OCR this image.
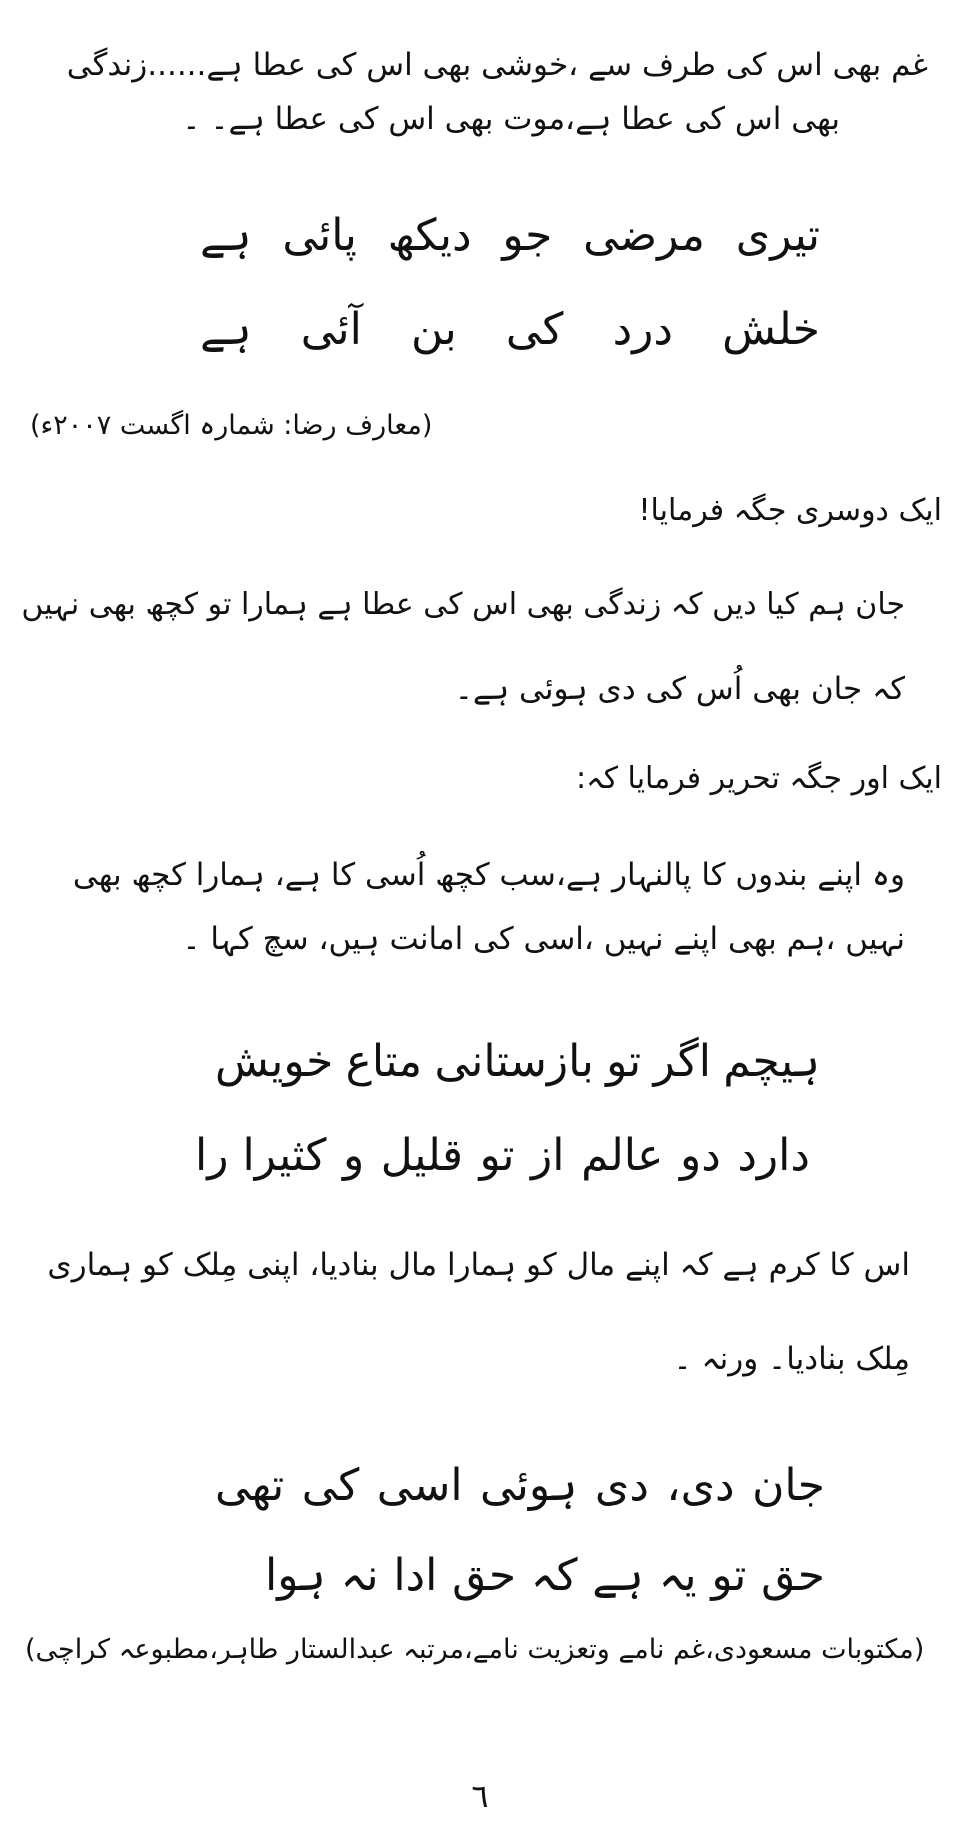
غم بھی اس کی طرف سے ،خوشی بھی اس کی عطا ہے......زندگی
بھی اس کی عطا ہے،موت بھی اس کی عطا ہے۔ ۔
تیری
مرضی
جو
دیکھ
پائی
ہے
خلش
درد
کی
بن
آئی
ہے
(معارف رضا: شمارہ اگست ۲۰۰۷ء)
ایک دوسری جگہ فرمایا!
جان ہم کیا دیں کہ زندگی بھی اس کی عطا ہے ہمارا تو کچھ بھی نہیں
کہ جان بھی اُس کی دی ہوئی ہے۔
ایک اور جگہ تحریر فرمایا کہ:
وہ اپنے بندوں کا پالنہار ہے،سب کچھ اُسی کا ہے، ہمارا کچھ بھی
نہیں ،ہم بھی اپنے نہیں ،اسی کی امانت ہیں، سچ کہا ۔
ہیچم
اگر
تو
بازستانی
متاع
خویش
دارد
دو
عالم
از
تو
قلیل
و
کثیرا را
اس کا کرم ہے کہ اپنے مال کو ہمارا مال بنادیا، اپنی مِلک کو ہماری
مِلک بنادیا۔ ورنہ ۔
جان
دی،
دی
ہوئی
اسی
کی
تھی
حق
تو
یہ
ہے
کہ
حق
ادا
نہ
ہوا
(مکتوبات مسعودی،غم نامے وتعزیت نامے،مرتبہ عبدالستار طاہر،مطبوعہ کراچی)
٦
